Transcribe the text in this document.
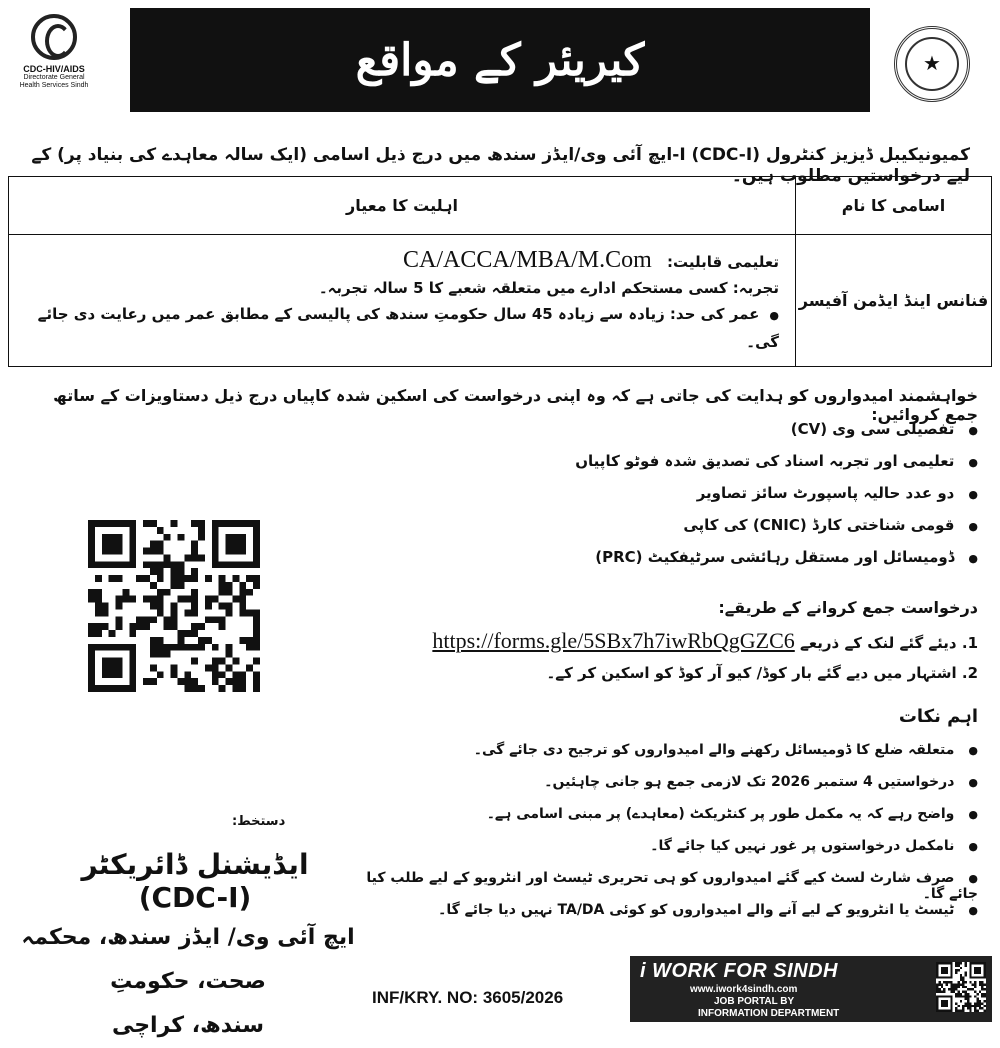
CDC-HIV/AIDS
Directorate General
Health Services Sindh	کیریئر کے مواقع
★
کمیونیکیبل ڈیزیز کنٹرول (CDC-I) I-ایچ آئی وی/ایڈز سندھ میں درج ذیل اسامی (ایک سالہ معاہدے کی بنیاد پر) کے لیے درخواستیں مطلوب ہیں۔
اسامی کا نام	اہلیت کا معیار
فنانس اینڈ ایڈمن آفیسر	تعلیمی قابلیت: CA/ACCA/MBA/M.Com
تجربہ: کسی مستحکم ادارے میں متعلقہ شعبے کا 5 سالہ تجربہ۔
● عمر کی حد: زیادہ سے زیادہ 45 سال حکومتِ سندھ کی پالیسی کے مطابق عمر میں رعایت دی جائے گی۔
خواہشمند امیدواروں کو ہدایت کی جاتی ہے کہ وہ اپنی درخواست کی اسکین شدہ کاپیاں درج ذیل دستاویزات کے ساتھ جمع کروائیں:
● تفصیلی سی وی (CV)
● تعلیمی اور تجربہ اسناد کی تصدیق شدہ فوٹو کاپیاں
● دو عدد حالیہ پاسپورٹ سائز تصاویر
● قومی شناختی کارڈ (CNIC) کی کاپی
● ڈومیسائل اور مستقل رہائشی سرٹیفکیٹ (PRC)
درخواست جمع کروانے کے طریقے:
1. دیئے گئے لنک کے ذریعے https://forms.gle/5SBx7h7iwRbQgGZC6
2. اشتہار میں دیے گئے بار کوڈ/ کیو آر کوڈ کو اسکین کر کے۔
اہم نکات
● متعلقہ ضلع کا ڈومیسائل رکھنے والے امیدواروں کو ترجیح دی جائے گی۔
● درخواستیں 4 ستمبر 2026 تک لازمی جمع ہو جانی چاہئیں۔
● واضح رہے کہ یہ مکمل طور پر کنٹریکٹ (معاہدے) پر مبنی اسامی ہے۔
● نامکمل درخواستوں پر غور نہیں کیا جائے گا۔
● صرف شارٹ لسٹ کیے گئے امیدواروں کو ہی تحریری ٹیسٹ اور انٹرویو کے لیے طلب کیا جائے گا۔
● ٹیسٹ یا انٹرویو کے لیے آنے والے امیدواروں کو کوئی TA/DA نہیں دیا جائے گا۔
دستخط:
ایڈیشنل ڈائریکٹر (CDC-I)
ایچ آئی وی/ ایڈز سندھ، محکمہ صحت، حکومتِ
سندھ، کراچی
INF/KRY. NO: 3605/2026
i WORK FOR SINDH
www.iwork4sindh.com
JOB PORTAL BY
INFORMATION DEPARTMENT
